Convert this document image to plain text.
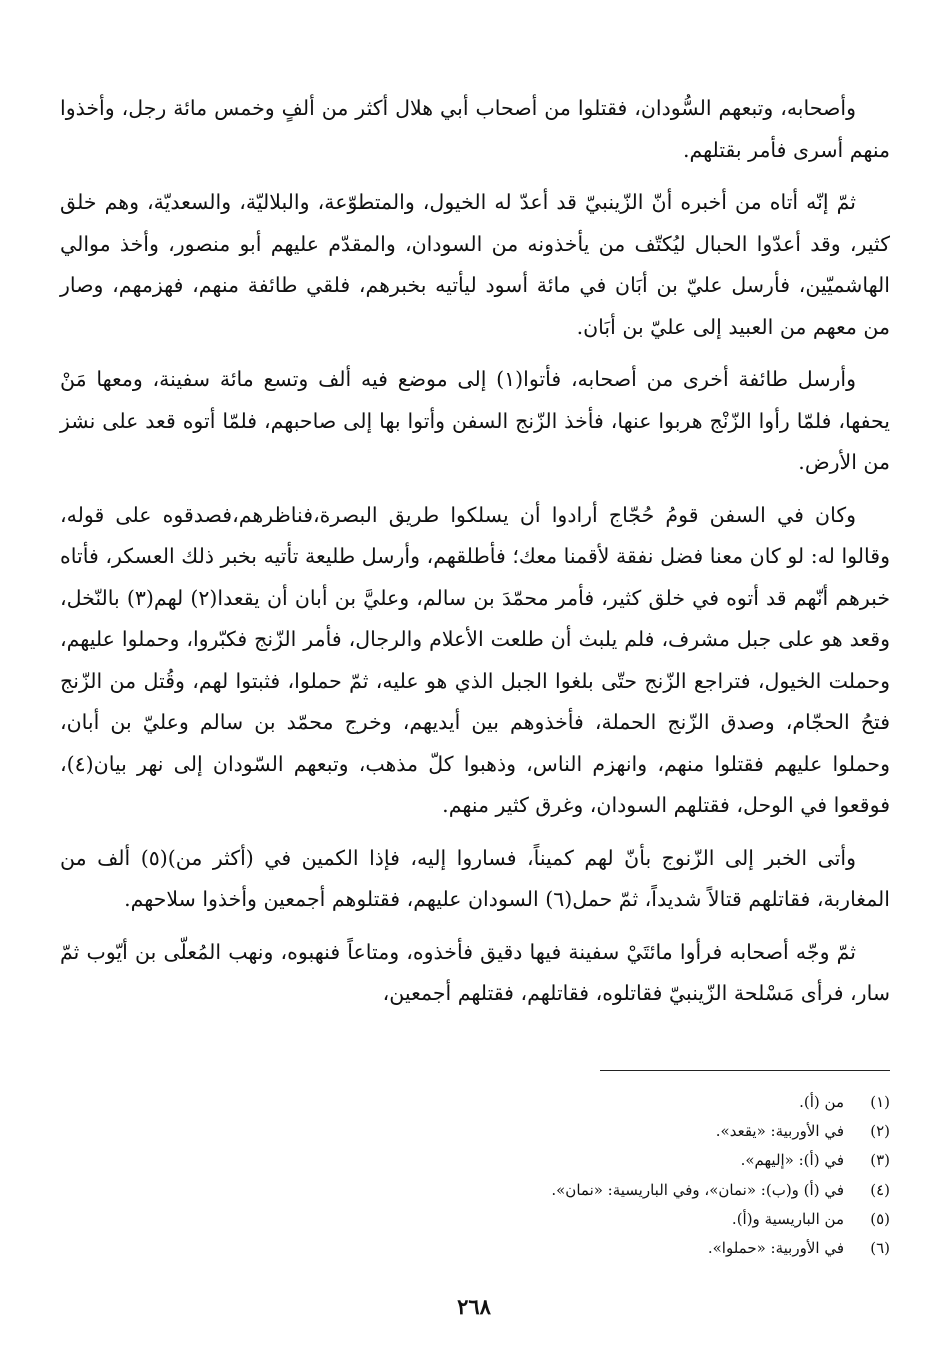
وأصحابه، وتبعهم السُّودان، فقتلوا من أصحاب أبي هلال أكثر من ألفٍ وخمس مائة رجل، وأخذوا منهم أسرى فأمر بقتلهم.

ثمّ إنّه أتاه من أخبره أنّ الزّينبيّ قد أعدّ له الخيول، والمتطوّعة، والبلاليّة، والسعديّة، وهم خلق كثير، وقد أعدّوا الحبال ليُكتّف من يأخذونه من السودان، والمقدّم عليهم أبو منصور، وأخذ موالي الهاشميّين، فأرسل عليّ بن أبَان في مائة أسود ليأتيه بخبرهم، فلقي طائفة منهم، فهزمهم، وصار من معهم من العبيد إلى عليّ بن أبَان.

وأرسل طائفة أخرى من أصحابه، فأتوا(١) إلى موضع فيه ألف وتسع مائة سفينة، ومعها مَنْ يحفها، فلمّا رأوا الزّنْج هربوا عنها، فأخذ الزّنج السفن وأتوا بها إلى صاحبهم، فلمّا أتوه قعد على نشز من الأرض.

وكان في السفن قومُ حُجّاج أرادوا أن يسلكوا طريق البصرة،فناظرهم،فصدقوه على قوله، وقالوا له: لو كان معنا فضل نفقة لأقمنا معك؛ فأطلقهم، وأرسل طليعة تأتيه بخبر ذلك العسكر، فأتاه خبرهم أنّهم قد أتوه في خلق كثير، فأمر محمّدَ بن سالم، وعليَّ بن أبان أن يقعدا(٢) لهم(٣) بالنّخل، وقعد هو على جبل مشرف، فلم يلبث أن طلعت الأعلام والرجال، فأمر الزّنج فكبّروا، وحملوا عليهم، وحملت الخيول، فتراجع الزّنج حتّى بلغوا الجبل الذي هو عليه، ثمّ حملوا، فثبتوا لهم، وقُتل من الزّنج فتحُ الحجّام، وصدق الزّنج الحملة، فأخذوهم بين أيديهم، وخرج محمّد بن سالم وعليّ بن أبان، وحملوا عليهم فقتلوا منهم، وانهزم الناس، وذهبوا كلّ مذهب، وتبعهم السّودان إلى نهر بيان(٤)، فوقعوا في الوحل، فقتلهم السودان، وغرق كثير منهم.

وأتى الخبر إلى الزّنوج بأنّ لهم كميناً، فساروا إليه، فإذا الكمين في (أكثر من)(٥) ألف من المغاربة، فقاتلهم قتالاً شديداً، ثمّ حمل(٦) السودان عليهم، فقتلوهم أجمعين وأخذوا سلاحهم.

ثمّ وجّه أصحابه فرأوا مائتَيْ سفينة فيها دقيق فأخذوه، ومتاعاً فنهبوه، ونهب المُعلّى بن أيّوب ثمّ سار، فرأى مَسْلحة الزّينبيّ فقاتلوه، فقاتلهم، فقتلهم أجمعين،

(١)
من (أ).
(٢)
في الأوربية: «يقعد».
(٣)
في (أ): «إليهم».
(٤)
في (أ) و(ب): «نمان»، وفي الباريسية: «نمان».
(٥)
من الباريسية و(أ).
(٦)
في الأوربية: «حملوا».
٢٦٨
